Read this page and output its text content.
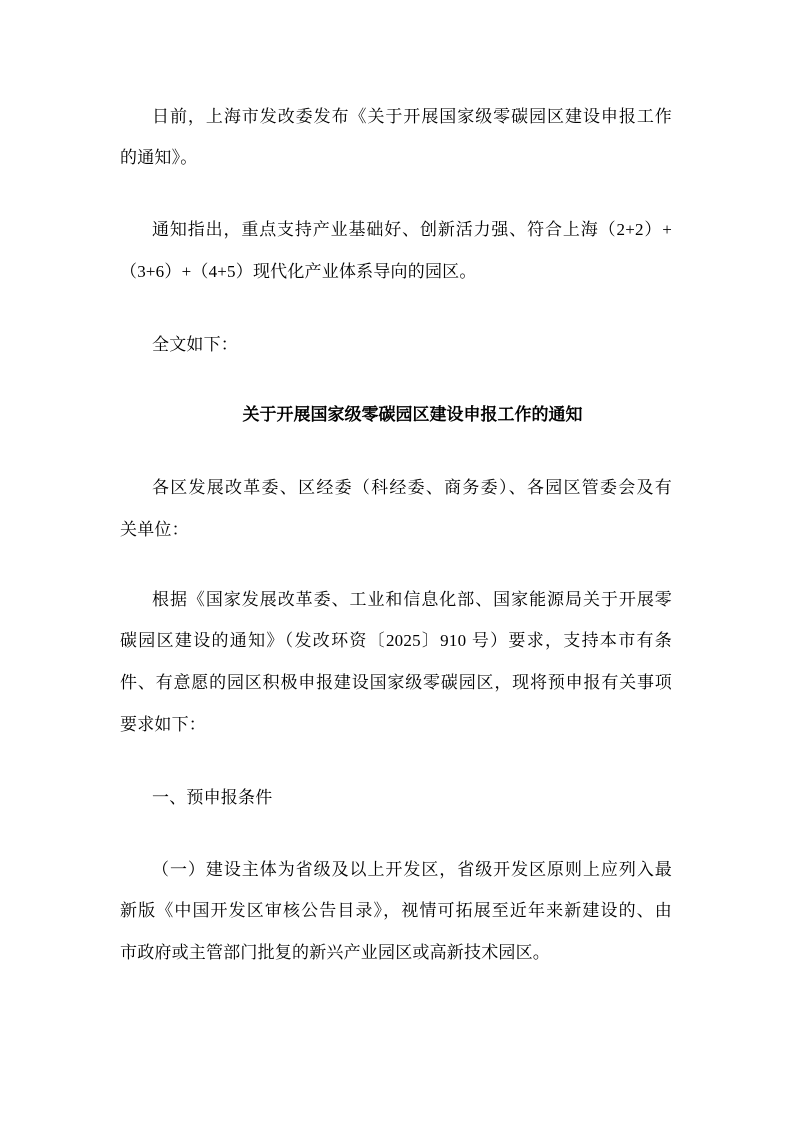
日前，上海市发改委发布《关于开展国家级零碳园区建设申报工作
的通知》。
通知指出，重点支持产业基础好、创新活力强、符合上海（2+2）+
（3+6）+（4+5）现代化产业体系导向的园区。
全文如下：
关于开展国家级零碳园区建设申报工作的通知
各区发展改革委、区经委（科经委、商务委）、各园区管委会及有
关单位：
根据《国家发展改革委、工业和信息化部、国家能源局关于开展零
碳园区建设的通知》（发改环资〔2025〕910 号）要求，支持本市有条
件、有意愿的园区积极申报建设国家级零碳园区，现将预申报有关事项
要求如下：
一、预申报条件
（一）建设主体为省级及以上开发区，省级开发区原则上应列入最
新版《中国开发区审核公告目录》，视情可拓展至近年来新建设的、由
市政府或主管部门批复的新兴产业园区或高新技术园区。
